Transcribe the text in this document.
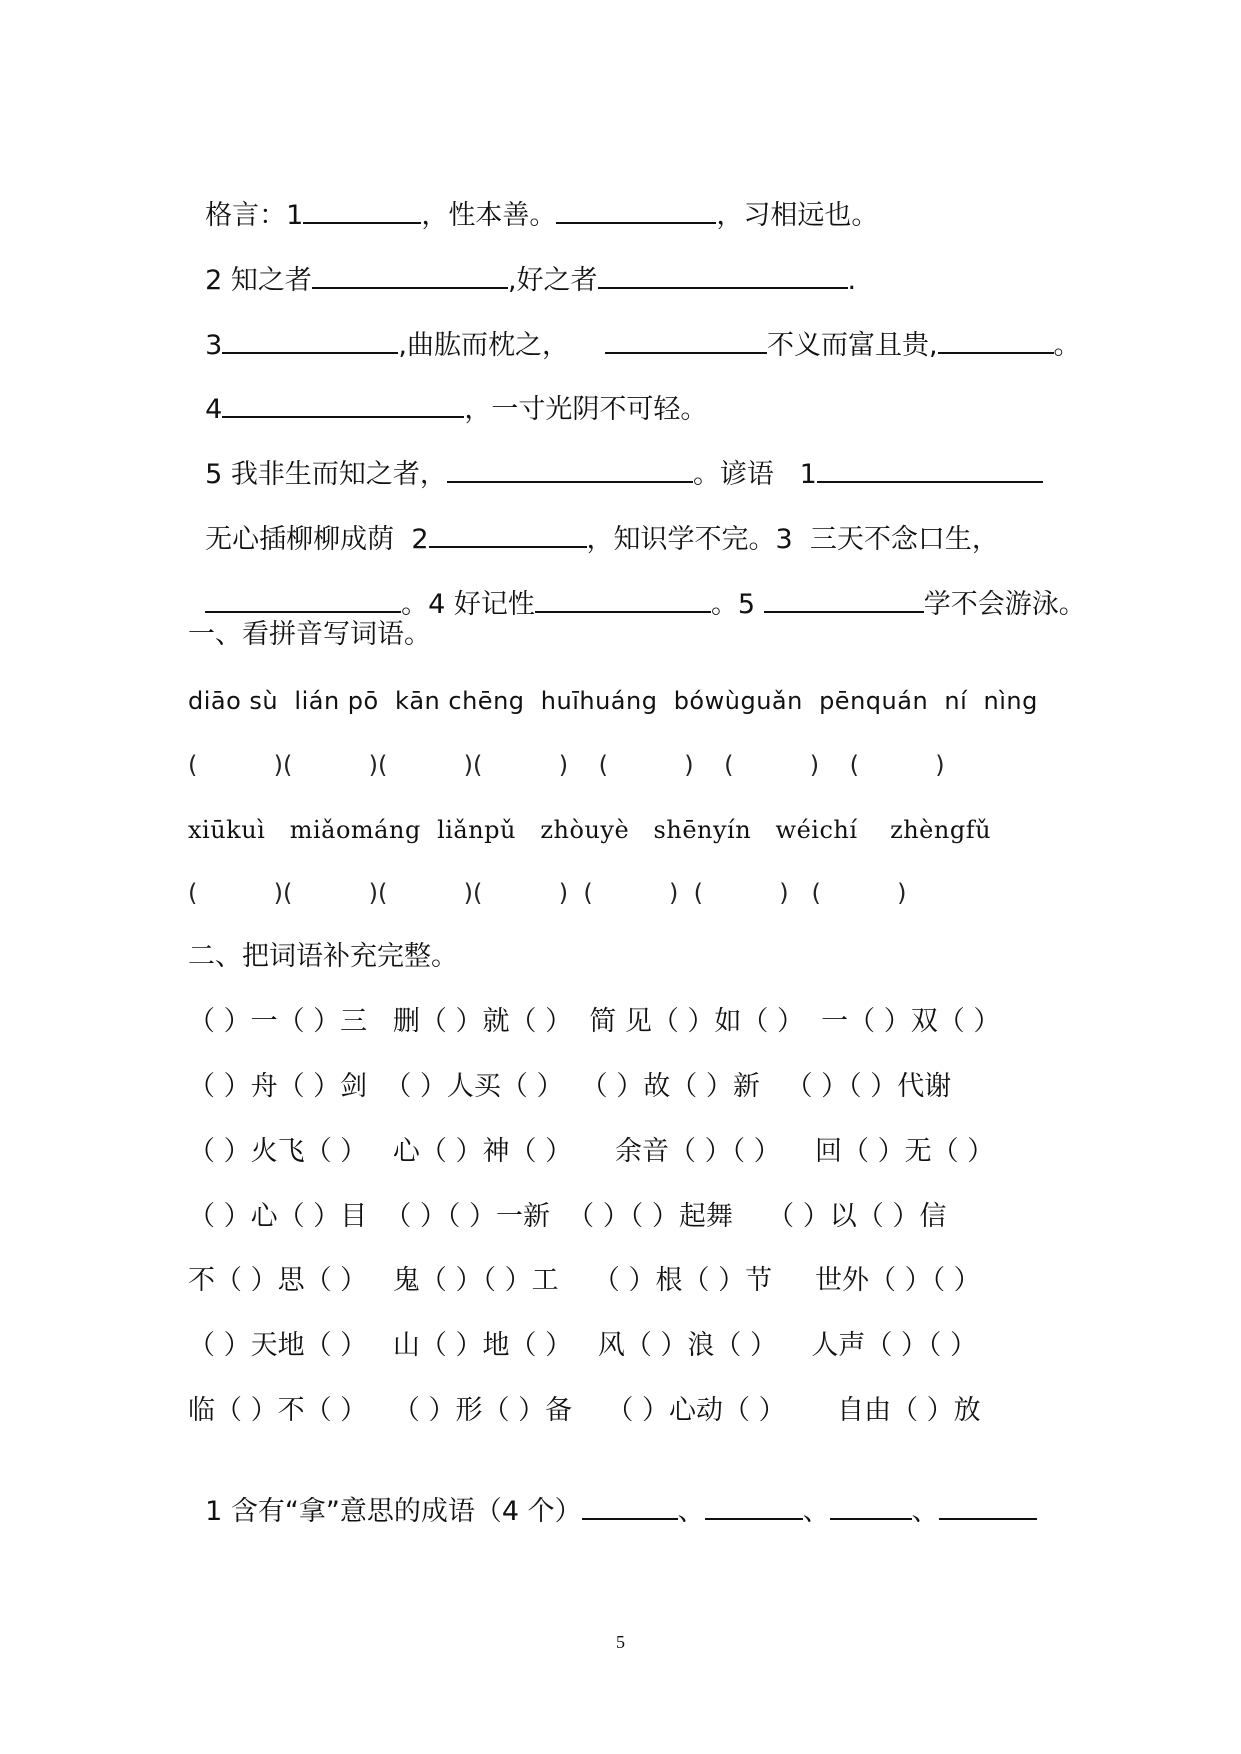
格言：1	，性本善。	，习相远也。

2 知之者	,好之者	.

3	,曲肱而枕之，	不义而富且贵,	。

4	，一寸光阴不可轻。

5 我非生而知之者，	。谚语   1

无心插柳柳成荫  2	，知识学不完。3  三天不念口生，

。4 好记性	。5	学不会游泳。

一、看拼音写词语。
diāo sù  lián pō  kān chēng  huīhuáng  bówùguǎn  pēnquán  ní  nìng
(          )(          )(          )(          )    (          )    (          )    (          )
xiūkuì   miǎománg  liǎnpǔ   zhòuyè   shēnyín   wéichí    zhèngfǔ
(          )(          )(          )(          )  (          )  (          )   (          )
二、把词语补充完整。
（ ）一（ ）三   删（ ）就（ ）  简 见（ ）如（ ）  一（ ）双（ ）
（ ）舟（ ）剑  （ ）人买（ ）  （ ）故（ ）新   （ ）（ ）代谢
（ ）火飞（ ）   心（ ）神（ ）     余音（ ）（ ）    回（ ）无（ ）
（ ）心（ ）目  （ ）（ ）一新  （ ）（ ）起舞    （ ）以（ ）信
不（ ）思（ ）   鬼（ ）（ ）工    （ ）根（ ）节     世外（ ）（ ）
（ ）天地（ ）   山（ ）地（ ）   风（ ）浪（ ）    人声（ ）（ ）
临（ ）不（ ）   （ ）形（ ）备    （ ）心动（ ）      自由（ ）放

1 含有“拿”意思的成语（4 个）	、	、	、

5
